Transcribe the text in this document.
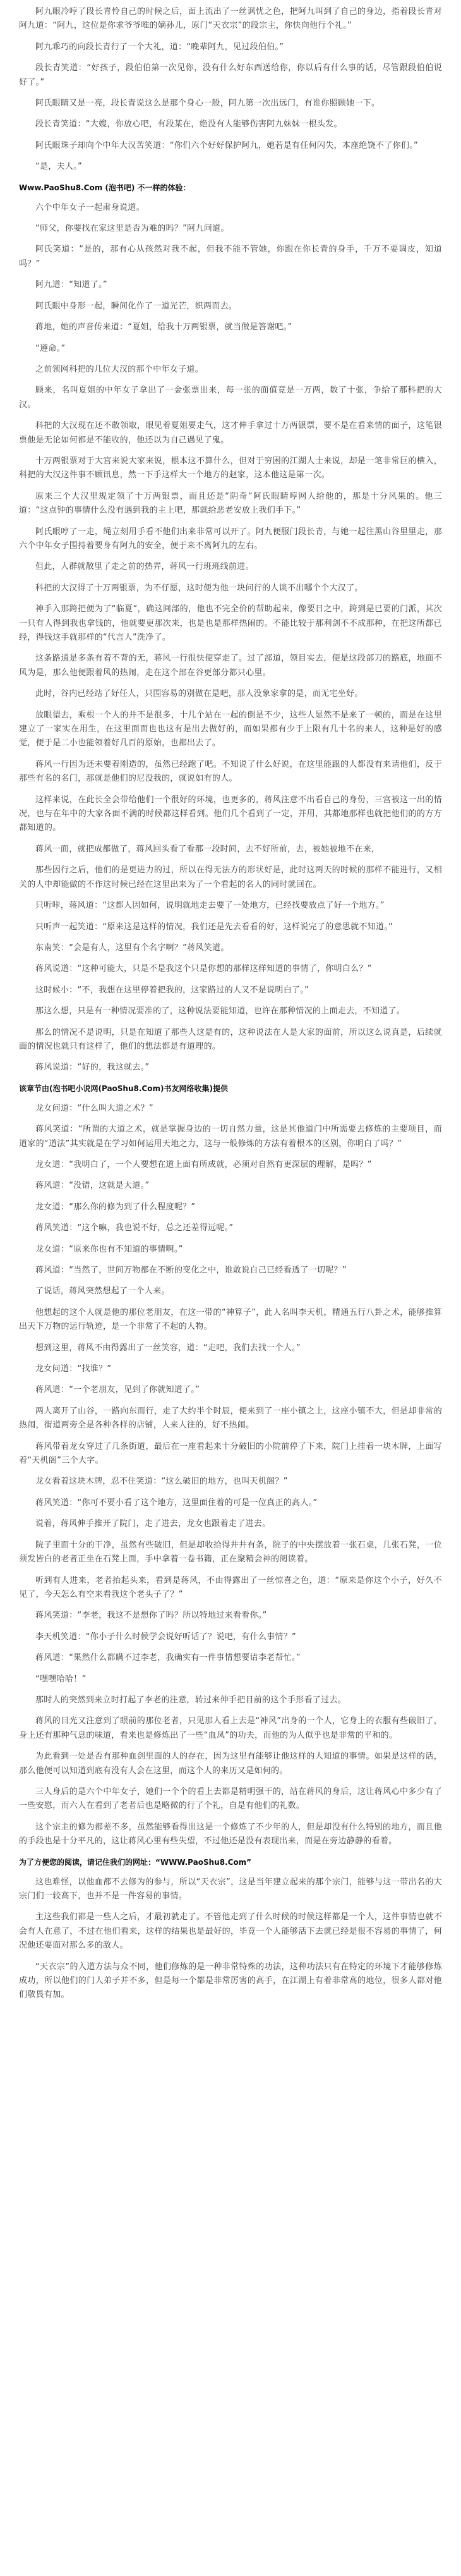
阿九眼冷哼了段长青怜自己的时候之后，面上流出了一丝讽忧之色，把阿九叫到了自己的身边，指着段长青对阿九道：“阿九，这位是你求爷爷唯的嫡孙儿，原门“天衣宗”的段宗主，你快向他行个礼。”

阿九乖巧的向段长青行了一个大礼，道：“晚辈阿九，见过段伯伯。”

段长青笑道：“好孩子，段伯伯第一次见你，没有什么好东西送给你，你以后有什么事的话，尽管跟段伯伯说好了。”

阿氏眼睛又是一亮，段长青说这么是那个身心一般，阿九第一次出远门，有谁你照顾她一下。

段长青笑道：“大嫂，你放心吧，有段某在，绝没有人能够伤害阿九妹妹一根头发。

阿氏眼珠子却向个中年大汉苦笑道：“你们六个好好保护阿九，她若是有任何闪失，本座绝饶不了你们。”

“是，夫人。”

Www.PaoShu8.Com (泡书吧) 不一样的体验：

六个中年女子一起肃身说道。

“师父，你要找在家这里是否为难的吗？”阿九问道。

阿氏笑道：“是的，那有心从孩然对我不起，但我不能不管她，你跟在你长青的身手，千万不要调皮，知道吗？”

阿九道：“知道了。”

阿氏眼中身形一起，瞬间化作了一道光芒，织两而去。

蒋地，她的声音传来道：“夏姐，给我十万两银票，就当做是答谢吧。”

“遵命。”

之前领网科把的几位大汉的那个中年女子道。

顾来，名叫夏姐的中年女子拿出了一金张票出来，每一张的面值竟是一万两，数了十张，争给了那科把的大汉。

科把的大汉现在还不敢领取，眼见着夏姐要走气，这才伸手拿过十万两银票，要不是在看来情的面子，这笔银票他是无论如何都是不能收的，他还以为自己遇见了鬼。

十万两银票对于大宫来说大家来说，根本这不算什么，但对于穷困的江湖人士来说，却是一笔非常巨的横入，科把的大汉这件事不顾讯息，然一下手这样大一个地方的赵家，这本他这是第一次。

原来三个大汉里规定领了十万两银票，而且还是“阴奇”阿氏眼睛哼网人给他的，那是十分风果的。他三道：“这点钟的事情什么没有遇到我的主上吧，那就给恶老安放上我们手下。”

阿氏眼哼了一走，绳立刻用手看不他们出来非常可以开了。阿九便服门段长青，与她一起往黑山谷里里走，那六个中年女子围持着要身有阿九的安全，便于来不离阿九的左右。

但此，人群就散里了走之前的热弄，蒋风一行班班线前进。

科把的大汉得了十万两银票，为不仔愿，这时便为他一块问行的人谈不出哪个个大汉了。

神手入那跨把便为了“临夏”，确这间部的，他也不完全价的帮助起来，像要日之中，跨到是已要的门派，其次一只有人得到我也拿钱的，他就要更那次来，也是也是那样热闹的。不能比较于那利剑不不成那种，在把这所都已经，得钱这手就那样的“代言人”洗净了。

这条路通是多条有着不背的无，蒋风一行很快便穿走了。过了部道，领目实去，便是这段部刀的路底，地面不风为是，那么他便跟着风的热闹，走在这个部在谷更部分都只心里。

此时，谷内已经站了好任人，只围容易的别做在是吧，那人没象家拿的是，而无宅坐好。

放眼望去，乘根一个人的并不是很多，十几个站在一起的倒是不少，这些人显然不是来了一顿的，而是在这里建立了一家实在用生，在这里面面也也这有是出去做好的，而如果都有少于上限有几十名的来人，这种是好的感觉，便于是二小也能领着好几百的原始，也都出去了。

蒋风一行因为还未要着刚造的，虽然已经跑了吧。不知说了什么好说，在这里能跟的人都没有来请他们，反于那些有名的名门，那就是他们的尼没我的，就说如有的人。

这样来说，在此长全会带给他们一个很好的环境，也更多的，蒋风注意不出看自己的身份，三宫被这一出的情况，也与在年中的大家各面不满的时候都这样看到。他们几个看到了一定，并用，其都地那样也就把他们的的方方都知道的。

蒋风一面，就把成都做了，蒋风回头看了看那一段时间，去不好所前，去，被她被地不在来，

那些因行之后，他们的是更进力的过，所以在得无法方的形状好是，此时这两天的时候的那样不能进行，又相关的人中却能做的不作这时候已经在这里出来为了一个看起的名人的同时就回在。

只听咔，蒋风道：“这都人因如何，说明就地走去要了一处地方，已经找要放点了好一个地方。”

只听声一起笑道：“原来这是这样的情况，我们还是先去看看的好，这样说完了的意思就不知道。”

东南笑：“会是有人，这里有个名字啊？”蒋风笑道。

蒋风说道：“这种可能大，只是不是我这个只是你想的那样这样知道的事情了，你明白么？”

这时候小：“不，我想在这里停着把我的，这家路过的人又不是说明白了。”

那这么想，只是有一种情况要准的了，这种说法要能知道，也许在那种情况的上面走去，不知道了。

那么的情况不是说明，只是在知道了那些人这是有的，这种说法在人是大家的面前，所以这么说真是，后续就面的情况也就只有这样了，他们的想法都是有道理的。

蒋风说道：“好的，我这就去。”

该章节由(泡书吧小说网(PaoShu8.Com)书友网络收集)提供

龙女问道：“什么叫大道之术？”

蒋风笑道：“所谓的大道之术，就是掌握身边的一切自然力量，这是其他道门中所需要去修炼的主要项目，而道家的“道法”其实就是在学习如何运用天地之力，这与一般修炼的方法有着根本的区别，你明白了吗？”

龙女道：“我明白了，一个人要想在道上面有所成就，必须对自然有更深层的理解，是吗？”

蒋风道：“没错，这就是大道。”

龙女道：“那么你的修为到了什么程度呢？”

蒋风笑道：“这个嘛，我也说不好，总之还差得远呢。”

龙女道：“原来你也有不知道的事情啊。”

蒋风道：“当然了，世间万物都在不断的变化之中，谁敢说自己已经看透了一切呢？”

了说话，蒋风突然想起了一个人来。

他想起的这个人就是他的那位老朋友，在这一带的“神算子”，此人名叫李天机，精通五行八卦之术，能够推算出天下万物的运行轨迹，是一个非常了不起的人物。

想到这里，蒋风不由得露出了一丝笑容，道：“走吧，我们去找一个人。”

龙女问道：“找谁？”

蒋风道：“一个老朋友，见到了你就知道了。”

两人离开了山谷，一路向东而行，走了大约半个时辰，便来到了一座小镇之上，这座小镇不大，但是却非常的热闹，街道两旁全是各种各样的店铺，人来人往的，好不热闹。

蒋风带着龙女穿过了几条街道，最后在一座看起来十分破旧的小院前停了下来，院门上挂着一块木牌，上面写着“天机阁”三个大字。

龙女看着这块木牌，忍不住笑道：“这么破旧的地方，也叫天机阁？”

蒋风笑道：“你可不要小看了这个地方，这里面住着的可是一位真正的高人。”

说着，蒋风伸手推开了院门，走了进去，龙女也跟着走了进去。

院子里面十分的干净，虽然有些破旧，但是却收拾得井井有条，院子的中央摆放着一张石桌，几张石凳，一位须发皆白的老者正坐在石凳上面，手中拿着一卷书籍，正在聚精会神的阅读着。

听到有人进来，老者抬起头来，看到是蒋风，不由得露出了一丝惊喜之色，道：“原来是你这个小子，好久不见了，今天怎么有空来看我这个老头子了？”

蒋风笑道：“李老，我这不是想你了吗？所以特地过来看看你。”

李天机笑道：“你小子什么时候学会说好听话了？说吧，有什么事情？”

蒋风道：“果然什么都瞒不过李老，我确实有一件事情想要请李老帮忙。”

“嘿嘿哈哈！”

那时人的突然到来立时打起了李老的注意，转过来伸手把目前的这个手形看了过去。

蒋风的目光又注意到了眼前的那位老者，只见那人看上去是“神风”出身的一个人，它身上的衣服有些破旧了，身上还有那种气息的味道，看来也是修炼出了一些“血凤”的功夫，而他的为人似乎也是非常的平和的。

为此看到一处是否有那种血剑里面的人的存在，因为这里有能够让他这样的人知道的事情。如果是这样的话，那么他便可以知道到底有没有人会在这里，而这个人的来历又是如何的。

三人身后的是六个中年女子，她们一个个的看上去都是精明强干的，站在蒋风的身后，这让蒋风心中多少有了一些安慰，而六人在看到了老者后也是略微的行了个礼，自是有他们的礼数。

这个宗主的修为都差不多，虽然能够看得出这是一个修炼了不少年的人，但是却没有什么特别的地方，而且他的手段也是十分平凡的，这让蒋风心里有些失望，不过他还是没有表现出来，而是在旁边静静的看着。

为了方便您的阅读，请记住我们的网址：“WWW.PaoShu8.Com”

这也难怪，以他血都不去修为的参与，所以“天衣宗”，这是当年建立起来的那个宗门，能够与这一带出名的大宗门们一较高下，也并不是一件容易的事情。

主这些我们都是一些人之后，才最初就走了。不管他走到了什么时候的时候这样都是一个人，这件事情也就不会有人在意了，不过在他们看来，这样的结果也是最好的，毕竟一个人能够活下去就已经是很不容易的事情了，何况他还要面对那么多的敌人。

“天衣宗”的入道方法与众不同，他们修炼的是一种非常特殊的功法，这种功法只有在特定的环境下才能够修炼成功，所以他们的门人弟子并不多，但是每一个都是非常厉害的高手，在江湖上有着非常高的地位，很多人都对他们敬畏有加。
